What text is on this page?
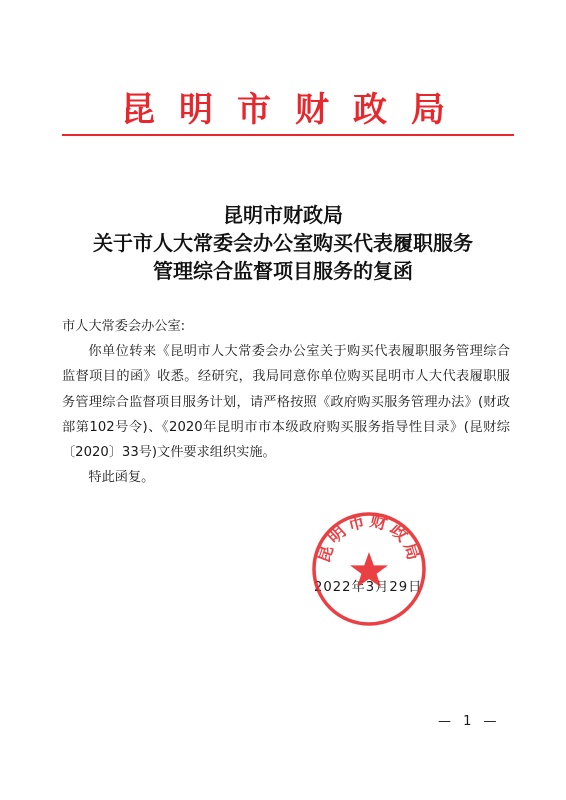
昆明市财政局
昆明市财政局
关于市人大常委会办公室购买代表履职服务
管理综合监督项目服务的复函

市人大常委会办公室:

你单位转来《昆明市人大常委会办公室关于购买代表履职服务管理综合监督项目的函》收悉。经研究，我局同意你单位购买昆明市人大代表履职服务管理综合监督项目服务计划，请严格按照《政府购买服务管理办法》(财政部第102号令)、《2020年昆明市市本级政府购买服务指导性目录》(昆财综〔2020〕33号)文件要求组织实施。

特此函复。

2022年3月29日
昆明市财政局
— 1 —
